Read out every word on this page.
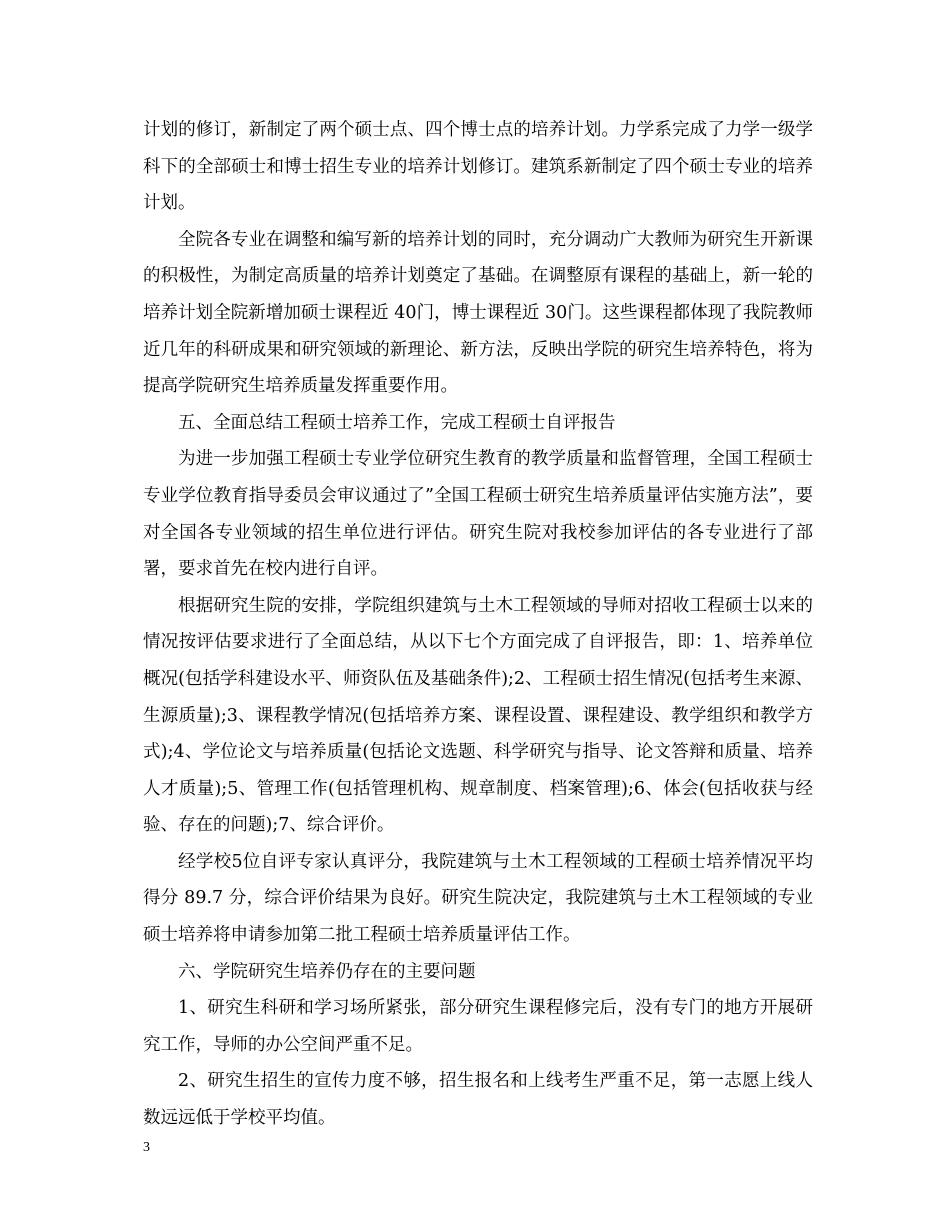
计划的修订，新制定了两个硕士点、四个博士点的培养计划。力学系完成了力学一级学科下的全部硕士和博士招生专业的培养计划修订。建筑系新制定了四个硕士专业的培养计划。

全院各专业在调整和编写新的培养计划的同时，充分调动广大教师为研究生开新课的积极性，为制定高质量的培养计划奠定了基础。在调整原有课程的基础上，新一轮的培养计划全院新增加硕士课程近 40门，博士课程近 30门。这些课程都体现了我院教师近几年的科研成果和研究领域的新理论、新方法，反映出学院的研究生培养特色，将为提高学院研究生培养质量发挥重要作用。

五、全面总结工程硕士培养工作，完成工程硕士自评报告

为进一步加强工程硕士专业学位研究生教育的教学质量和监督管理，全国工程硕士专业学位教育指导委员会审议通过了”全国工程硕士研究生培养质量评估实施方法”，要对全国各专业领域的招生单位进行评估。研究生院对我校参加评估的各专业进行了部署，要求首先在校内进行自评。

根据研究生院的安排，学院组织建筑与土木工程领域的导师对招收工程硕士以来的情况按评估要求进行了全面总结，从以下七个方面完成了自评报告，即：1、培养单位概况(包括学科建设水平、师资队伍及基础条件);2、工程硕士招生情况(包括考生来源、生源质量);3、课程教学情况(包括培养方案、课程设置、课程建设、教学组织和教学方式);4、学位论文与培养质量(包括论文选题、科学研究与指导、论文答辩和质量、培养人才质量);5、管理工作(包括管理机构、规章制度、档案管理);6、体会(包括收获与经验、存在的问题);7、综合评价。

经学校5位自评专家认真评分，我院建筑与土木工程领域的工程硕士培养情况平均得分 89.7 分，综合评价结果为良好。研究生院决定，我院建筑与土木工程领域的专业硕士培养将申请参加第二批工程硕士培养质量评估工作。

六、学院研究生培养仍存在的主要问题

1、研究生科研和学习场所紧张，部分研究生课程修完后，没有专门的地方开展研究工作，导师的办公空间严重不足。

2、研究生招生的宣传力度不够，招生报名和上线考生严重不足，第一志愿上线人数远远低于学校平均值。

3
